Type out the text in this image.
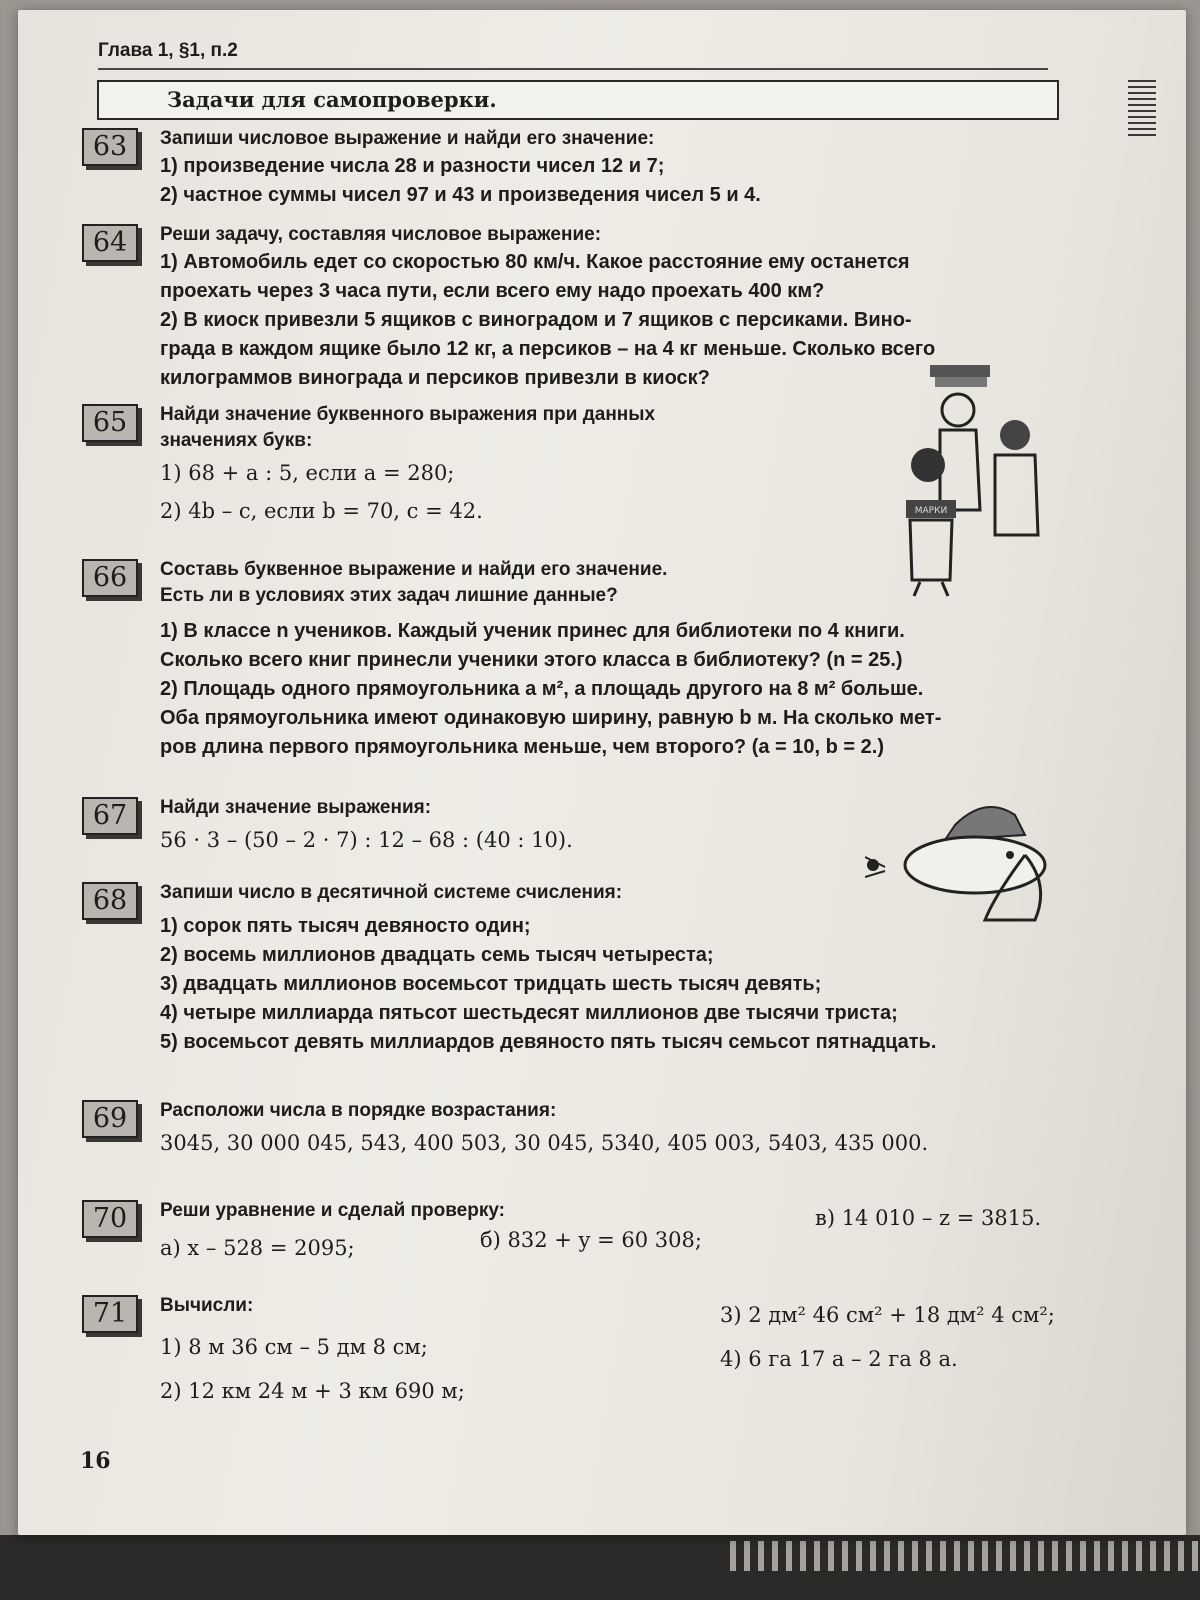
Глава 1, §1, п.2
Задачи для самопроверки.
63	Запиши числовое выражение и найди его значение:
1) произведение числа 28 и разности чисел 12 и 7;
2) частное суммы чисел 97 и 43 и произведения чисел 5 и 4.
64	Реши задачу, составляя числовое выражение:
1) Автомобиль едет со скоростью 80 км/ч. Какое расстояние ему останется
проехать через 3 часа пути, если всего ему надо проехать 400 км?
2) В киоск привезли 5 ящиков с виноградом и 7 ящиков с персиками. Вино-
града в каждом ящике было 12 кг, а персиков – на 4 кг меньше. Сколько всего
килограммов винограда и персиков привезли в киоск?
65	Найди значение буквенного выражения при данных
значениях букв:
1) 68 + a : 5, если a = 280;
2) 4b – c, если b = 70, c = 42.	МАРКИ
66	Составь буквенное выражение и найди его значение.
Есть ли в условиях этих задач лишние данные?
1) В классе n учеников. Каждый ученик принес для библиотеки по 4 книги.
Сколько всего книг принесли ученики этого класса в библиотеку? (n = 25.)
2) Площадь одного прямоугольника a м², а площадь другого на 8 м² больше.
Оба прямоугольника имеют одинаковую ширину, равную b м. На сколько мет-
ров длина первого прямоугольника меньше, чем второго? (a = 10, b = 2.)
67	Найди значение выражения:
56 · 3 – (50 – 2 · 7) : 12 – 68 : (40 : 10).
68	Запиши число в десятичной системе счисления:
1) сорок пять тысяч девяносто один;
2) восемь миллионов двадцать семь тысяч четыреста;
3) двадцать миллионов восемьсот тридцать шесть тысяч девять;
4) четыре миллиарда пятьсот шестьдесят миллионов две тысячи триста;
5) восемьсот девять миллиардов девяносто пять тысяч семьсот пятнадцать.
69	Расположи числа в порядке возрастания:
3045, 30 000 045, 543, 400 503, 30 045, 5340, 405 003, 5403, 435 000.
70	Реши уравнение и сделай проверку:
а) x – 528 = 2095;	б) 832 + y = 60 308;
в) 14 010 – z = 3815.
71	Вычисли:
1) 8 м 36 см – 5 дм 8 см;
2) 12 км 24 м + 3 км 690 м;
3) 2 дм² 46 см² + 18 дм² 4 см²;
4) 6 га 17 а – 2 га 8 а.
16
